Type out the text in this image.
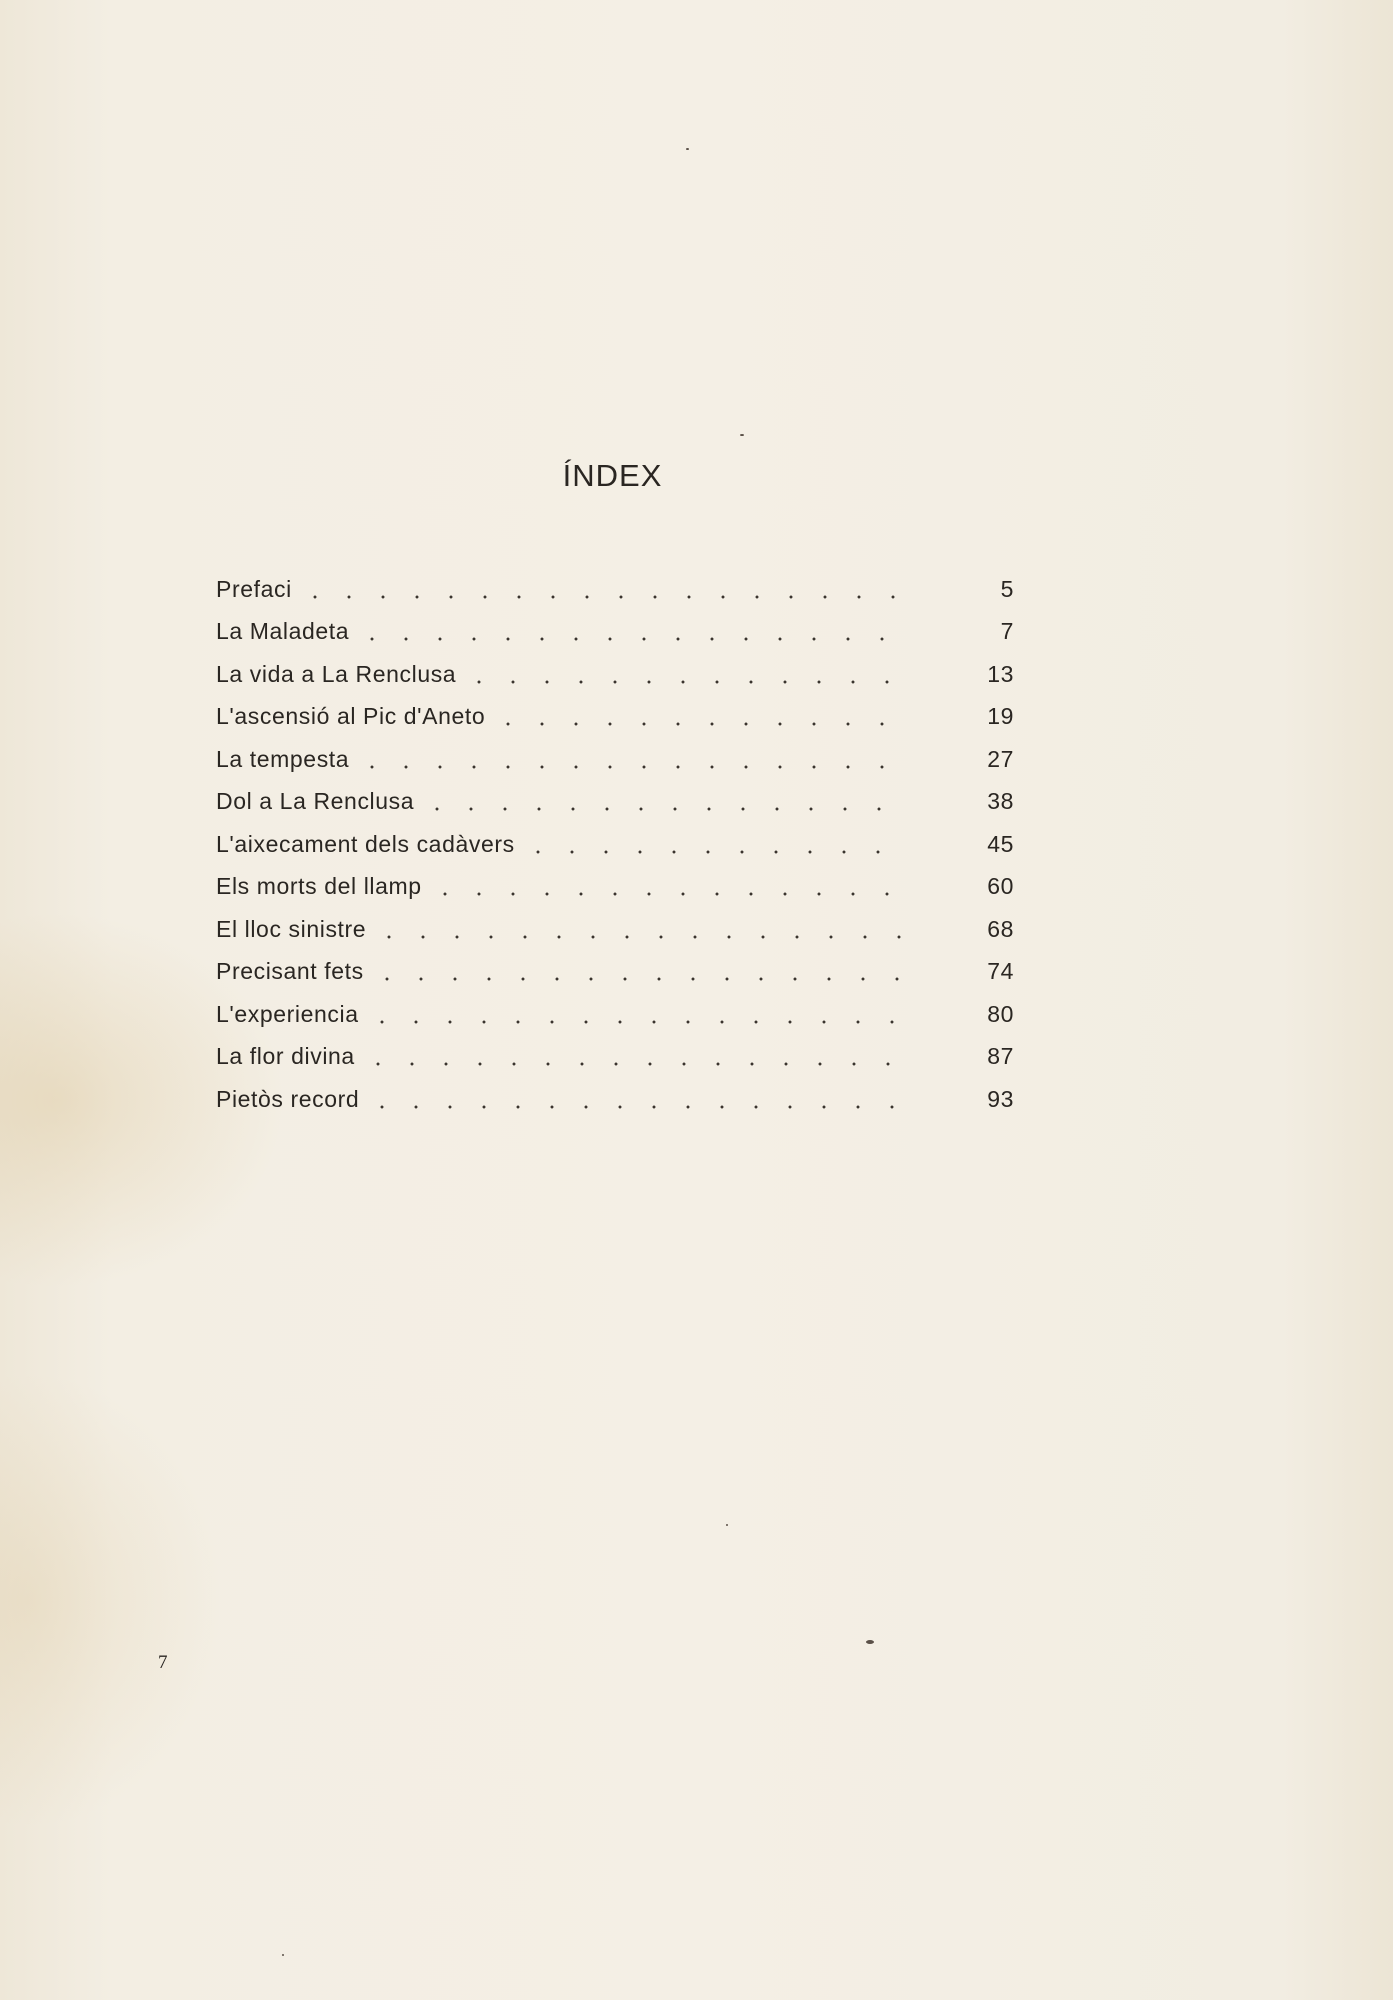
ÍNDEX
Prefaci	5
La Maladeta	7
La vida a La Renclusa	13
L'ascensió al Pic d'Aneto	19
La tempesta	27
Dol a La Renclusa	38
L'aixecament dels cadàvers	45
Els morts del llamp	60
El lloc sinistre	68
Precisant fets	74
L'experiencia	80
La flor divina	87
Pietòs record	93
7
